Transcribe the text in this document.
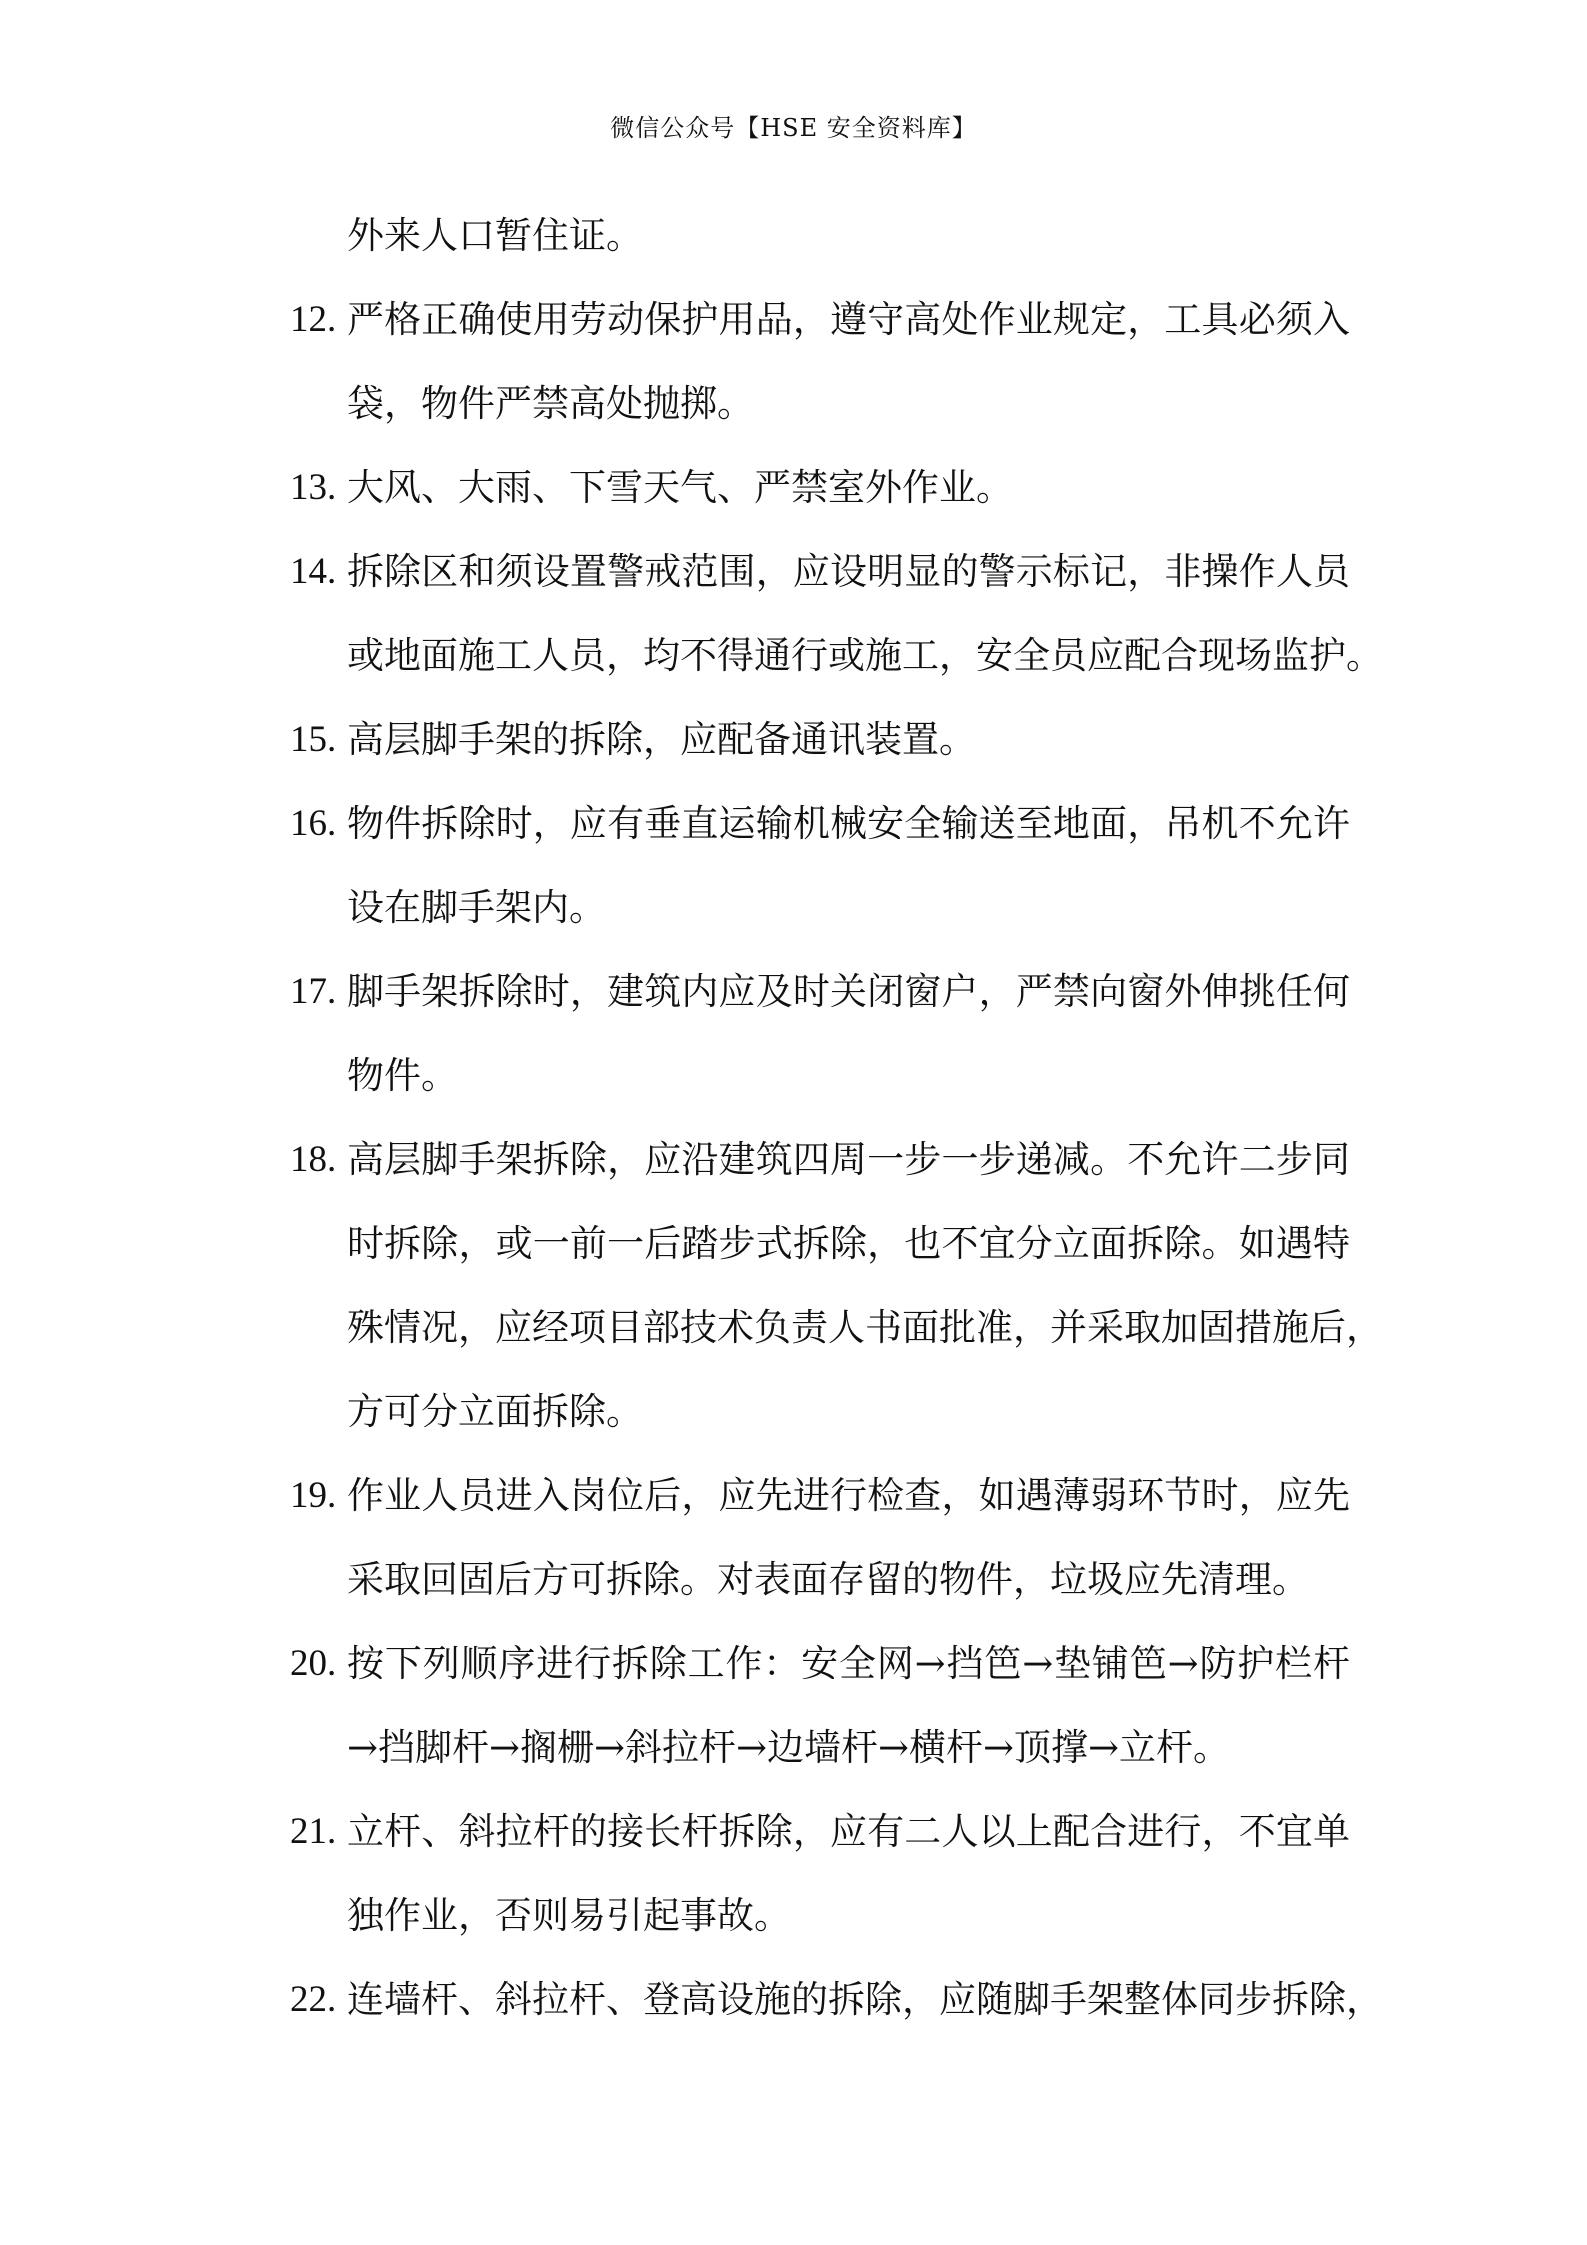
微信公众号【HSE 安全资料库】
外来人口暂住证。
12. 严格正确使用劳动保护用品，遵守高处作业规定，工具必须入
袋，物件严禁高处抛掷。
13. 大风、大雨、下雪天气、严禁室外作业。
14. 拆除区和须设置警戒范围，应设明显的警示标记，非操作人员
或地面施工人员，均不得通行或施工，安全员应配合现场监护。
15. 高层脚手架的拆除，应配备通讯装置。
16. 物件拆除时，应有垂直运输机械安全输送至地面，吊机不允许
设在脚手架内。
17. 脚手架拆除时，建筑内应及时关闭窗户，严禁向窗外伸挑任何
物件。
18. 高层脚手架拆除，应沿建筑四周一步一步递减。不允许二步同
时拆除，或一前一后踏步式拆除，也不宜分立面拆除。如遇特
殊情况，应经项目部技术负责人书面批准，并采取加固措施后，
方可分立面拆除。
19. 作业人员进入岗位后，应先进行检查，如遇薄弱环节时，应先
采取回固后方可拆除。对表面存留的物件，垃圾应先清理。
20. 按下列顺序进行拆除工作：安全网→挡笆→垫铺笆→防护栏杆
→挡脚杆→搁栅→斜拉杆→边墙杆→横杆→顶撑→立杆。
21. 立杆、斜拉杆的接长杆拆除，应有二人以上配合进行，不宜单
独作业，否则易引起事故。
22. 连墙杆、斜拉杆、登高设施的拆除，应随脚手架整体同步拆除，
